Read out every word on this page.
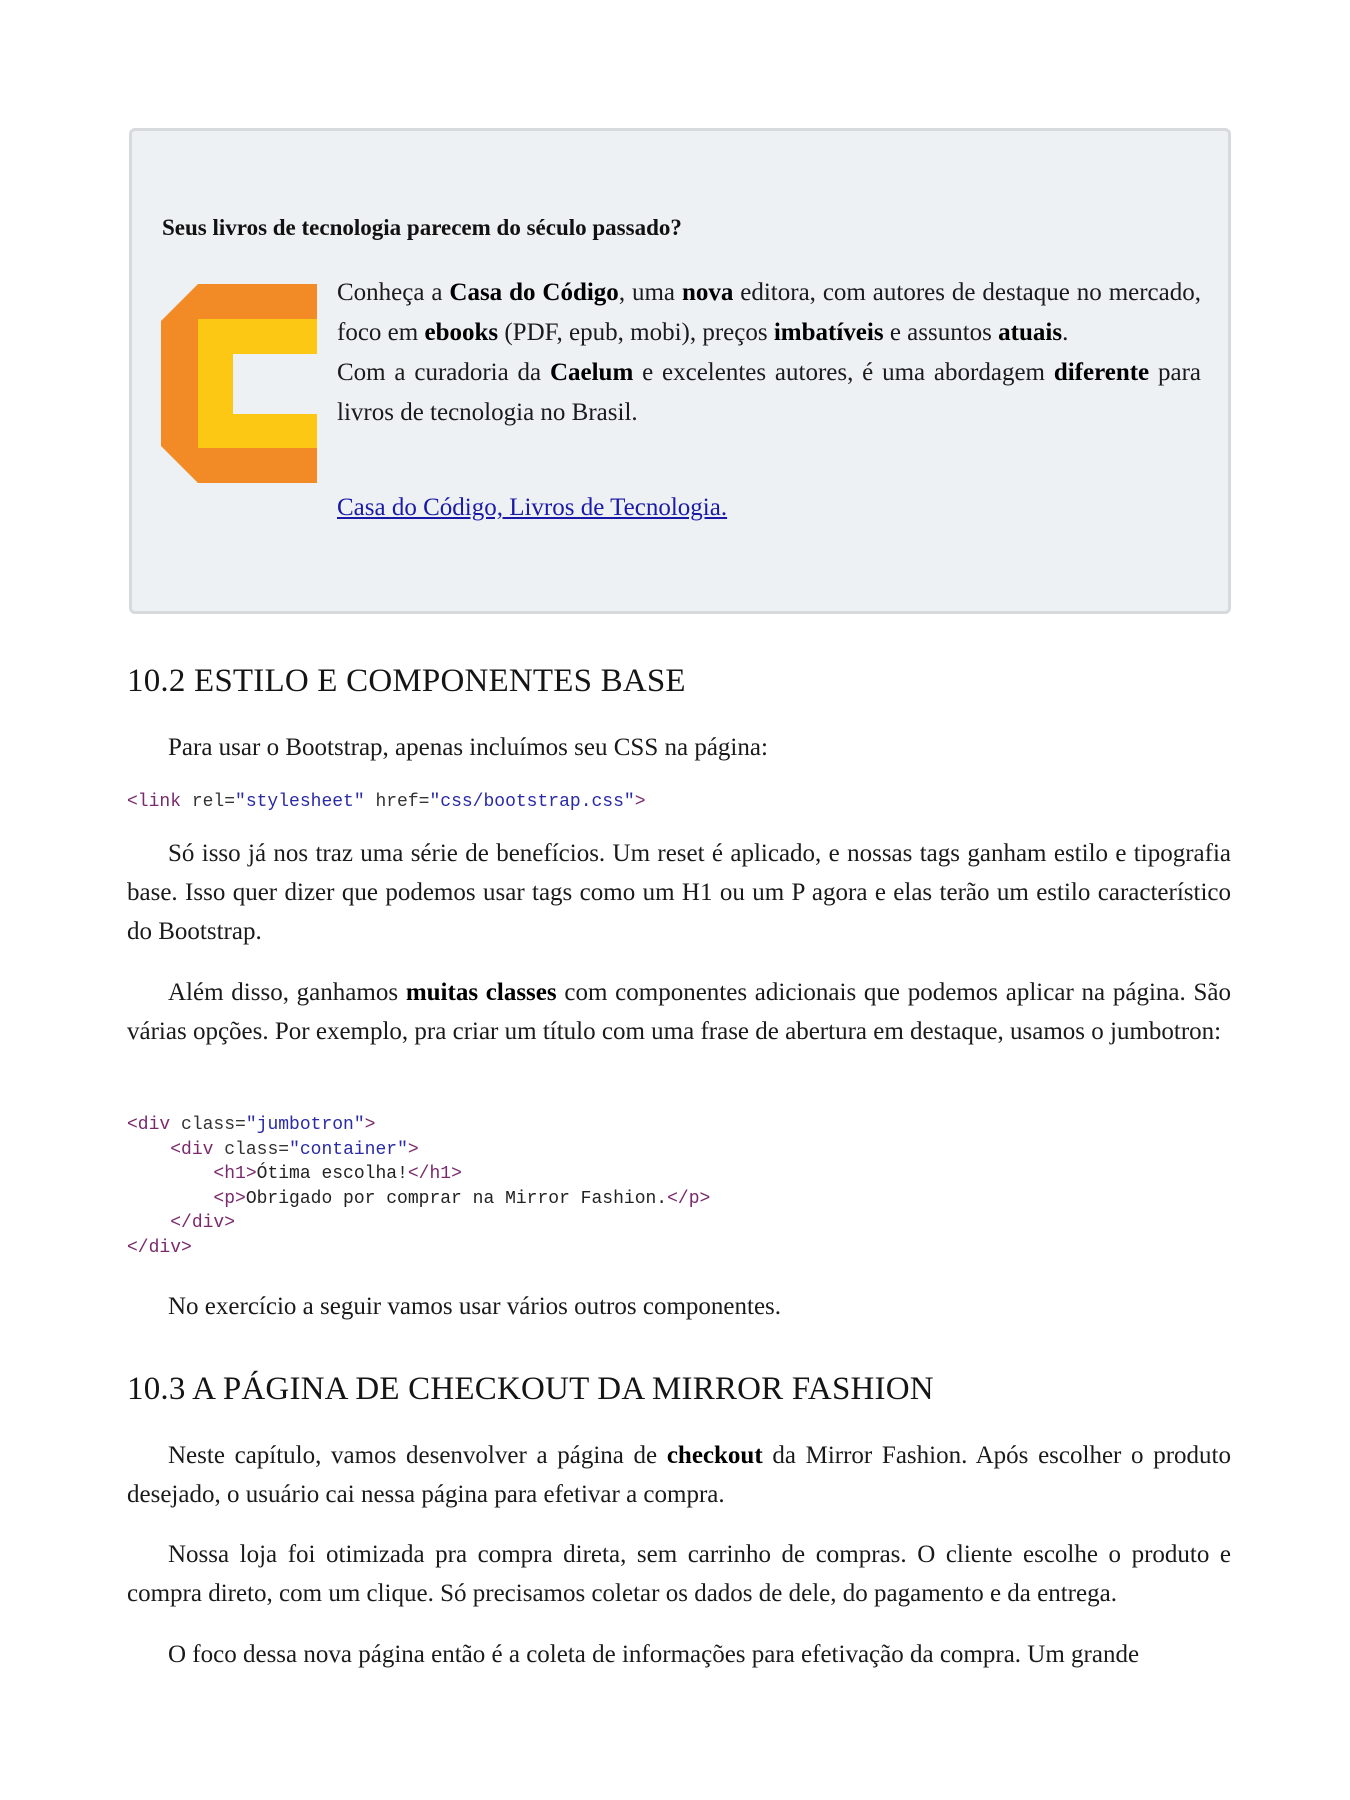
Seus livros de tecnologia parecem do século passado?

Conheça a Casa do Código, uma nova editora, com autores de destaque no mercado, foco em ebooks (PDF, epub, mobi), preços imbatíveis e assuntos atuais.

Com a curadoria da Caelum e excelentes autores, é uma abordagem diferente para livros de tecnologia no Brasil.

Casa do Código, Livros de Tecnologia.
10.2 ESTILO E COMPONENTES BASE

Para usar o Bootstrap, apenas incluímos seu CSS na página:

<link rel="stylesheet" href="css/bootstrap.css">

Só isso já nos traz uma série de benefícios. Um reset é aplicado, e nossas tags ganham estilo e tipografia base. Isso quer dizer que podemos usar tags como um H1 ou um P agora e elas terão um estilo característico do Bootstrap.

Além disso, ganhamos muitas classes com componentes adicionais que podemos aplicar na página. São várias opções. Por exemplo, pra criar um título com uma frase de abertura em destaque, usamos o jumbotron:

<div class="jumbotron">
<div class="container">
<h1>Ótima escolha!</h1>
<p>Obrigado por comprar na Mirror Fashion.</p>
</div>
</div>

No exercício a seguir vamos usar vários outros componentes.

10.3 A PÁGINA DE CHECKOUT DA MIRROR FASHION

Neste capítulo, vamos desenvolver a página de checkout da Mirror Fashion. Após escolher o produto desejado, o usuário cai nessa página para efetivar a compra.

Nossa loja foi otimizada pra compra direta, sem carrinho de compras. O cliente escolhe o produto e compra direto, com um clique. Só precisamos coletar os dados de dele, do pagamento e da entrega.

O foco dessa nova página então é a coleta de informações para efetivação da compra. Um grande
